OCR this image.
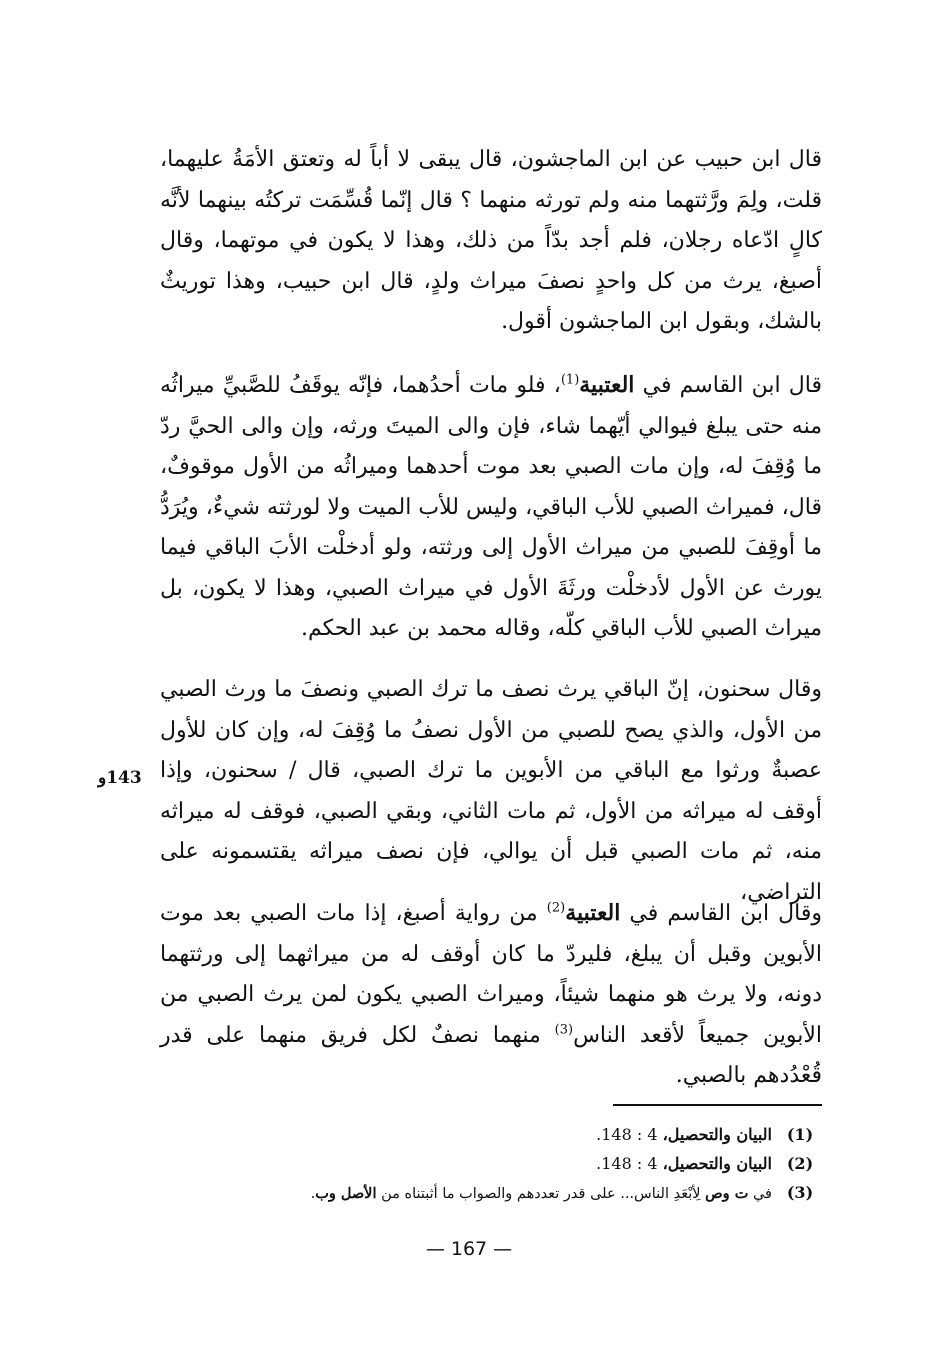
قال ابن حبيب عن ابن الماجشون، قال يبقى لا أباً له وتعتق الأمَةُ عليهما، قلت، ولِمَ ورَّثتهما منه ولم تورثه منهما ؟ قال إنّما قُسِّمَت تركتُه بينهما لأنَّه كالٍ ادّعاه رجلان، فلم أجد بدّاً من ذلك، وهذا لا يكون في موتهما، وقال أصبغ، يرث من كل واحدٍ نصفَ ميراث ولدٍ، قال ابن حبيب، وهذا توريثٌ بالشك، وبقول ابن الماجشون أقول.

قال ابن القاسم في العتبية$^{(1)}$، فلو مات أحدُهما، فإنّه يوقَفُ للصَّبيِّ ميراثُه منه حتى يبلغ فيوالي أيّهما شاء، فإن والى الميتَ ورثه، وإن والى الحيَّ ردّ ما وُقِفَ له، وإن مات الصبي بعد موت أحدهما وميراثُه من الأول موقوفٌ، قال، فميراث الصبي للأب الباقي، وليس للأب الميت ولا لورثته شيءٌ، ويُرَدُّ ما أوقِفَ للصبي من ميراث الأول إلى ورثته، ولو أدخلْت الأبَ الباقي فيما يورث عن الأول لأدخلْت ورثَةَ الأول في ميراث الصبي، وهذا لا يكون، بل ميراث الصبي للأب الباقي كلّه، وقاله محمد بن عبد الحكم.

وقال سحنون، إنّ الباقي يرث نصف ما ترك الصبي ونصفَ ما ورث الصبي من الأول، والذي يصح للصبي من الأول نصفُ ما وُقِفَ له، وإن كان للأول عصبةٌ ورثوا مع الباقي من الأبوين ما ترك الصبي، قال / سحنون، وإذا أوقف له ميراثه من الأول، ثم مات الثاني، وبقي الصبي، فوقف له ميراثه منه، ثم مات الصبي قبل أن يوالي، فإن نصف ميراثه يقتسمونه على التراضي،

وقال ابن القاسم في العتبية$^{(2)}$ من رواية أصبغ، إذا مات الصبي بعد موت الأبوين وقبل أن يبلغ، فليردّ ما كان أوقف له من ميراثهما إلى ورثتهما دونه، ولا يرث هو منهما شيئاً، وميراث الصبي يكون لمن يرث الصبي من الأبوين جميعاً لأقعد الناس$^{(3)}$ منهما نصفٌ لكل فريق منهما على قدر قُعْدُدهم بالصبي.

143و
(1)
البيان والتحصيل، 4 : 148.
(2)
البيان والتحصيل، 4 : 148.
(3)
في ت وص لِأبْعَدِ الناس... على قدر تعددهم والصواب ما أثبتناه من الأصل وب.
— 167 —
